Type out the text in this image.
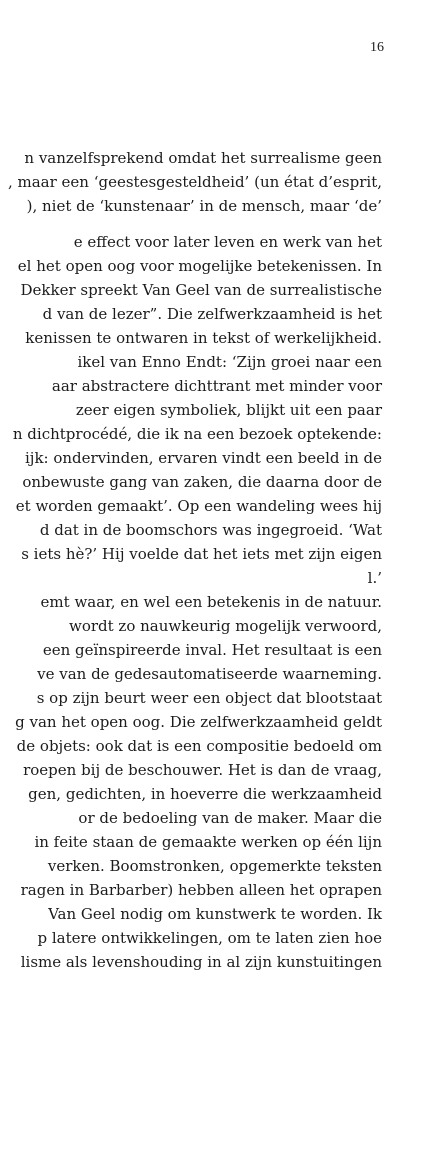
16
n vanzelfsprekend omdat het surrealisme geen
, maar een ‘geestesgesteldheid’ (un état d’esprit,
), niet de ‘kunstenaar’ in de mensch, maar ‘de’
e effect voor later leven en werk van het
el het open oog voor mogelijke betekenissen. In
Dekker spreekt Van Geel van de surrealistische
d van de lezer”. Die zelfwerkzaamheid is het
kenissen te ontwaren in tekst of werkelijkheid.
ikel van Enno Endt: ‘Zijn groei naar een
aar abstractere dichttrant met minder voor
zeer eigen symboliek, blijkt uit een paar
n dichtprocédé, die ik na een bezoek optekende:
ijk: ondervinden, ervaren vindt een beeld in de
onbewuste gang van zaken, die daarna door de
et worden gemaakt’. Op een wandeling wees hij
d dat in de boomschors was ingegroeid. ‘Wat
s iets hè?’ Hij voelde dat het iets met zijn eigen
l.’
emt waar, en wel een betekenis in de natuur.
wordt zo nauwkeurig mogelijk verwoord,
een geïnspireerde inval. Het resultaat is een
ve van de gedesautomatiseerde waarneming.
s op zijn beurt weer een object dat blootstaat
g van het open oog. Die zelfwerkzaamheid geldt
de objets: ook dat is een compositie bedoeld om
roepen bij de beschouwer. Het is dan de vraag,
gen, gedichten, in hoeverre die werkzaamheid
or de bedoeling van de maker. Maar die
in feite staan de gemaakte werken op één lijn
verken. Boomstronken, opgemerkte teksten
ragen in Barbarber) hebben alleen het oprapen
Van Geel nodig om kunstwerk te worden. Ik
p latere ontwikkelingen, om te laten zien hoe
lisme als levenshouding in al zijn kunstuitingen
